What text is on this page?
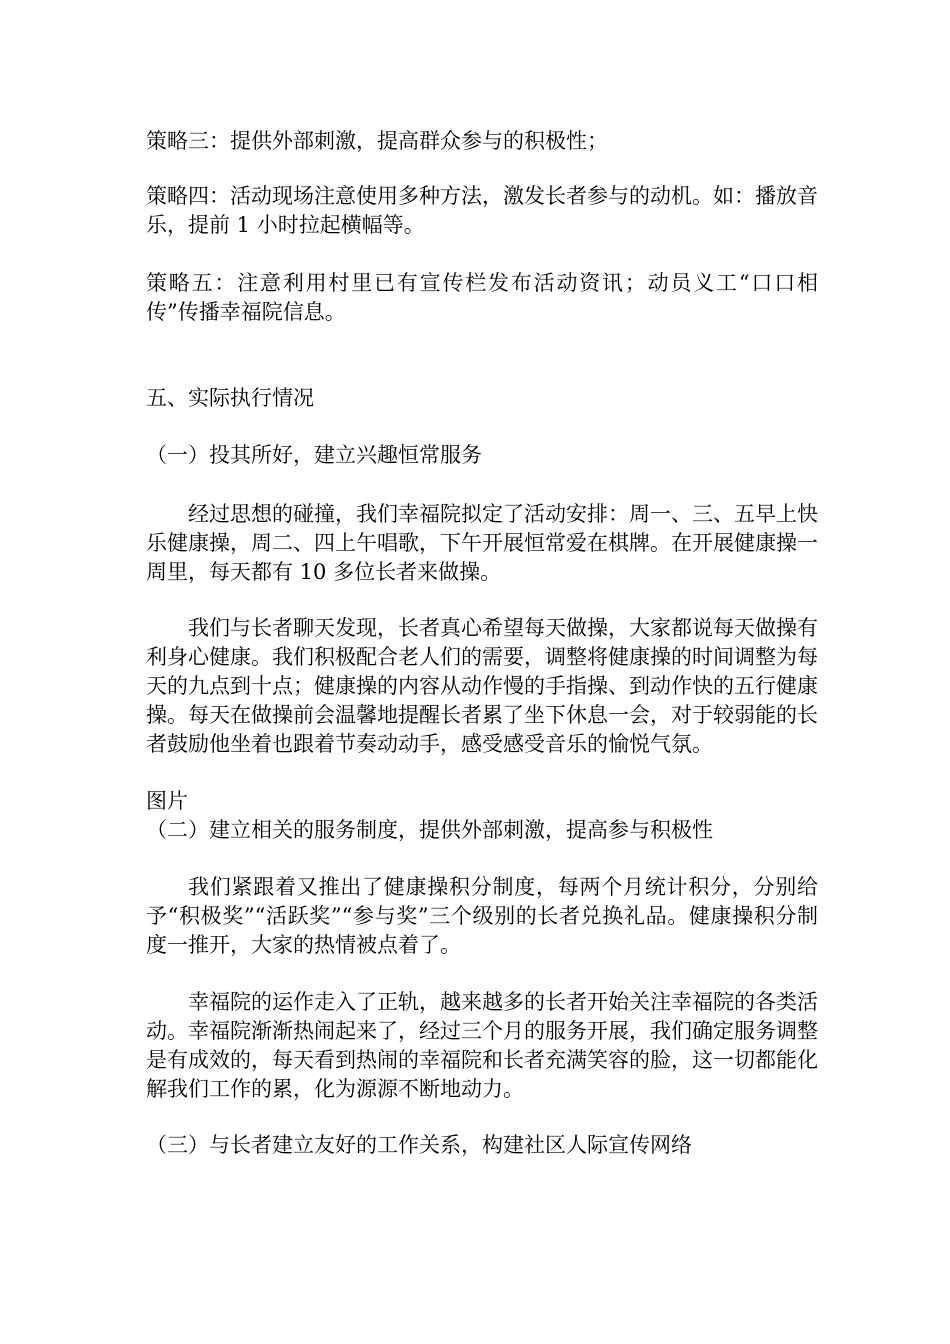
策略三：提供外部刺激，提高群众参与的积极性；

策略四：活动现场注意使用多种方法，激发长者参与的动机。如：播放音乐，提前 1 小时拉起横幅等。

策略五：注意利用村里已有宣传栏发布活动资讯；动员义工“口口相传”传播幸福院信息。

五、实际执行情况

（一）投其所好，建立兴趣恒常服务

经过思想的碰撞，我们幸福院拟定了活动安排：周一、三、五早上快乐健康操，周二、四上午唱歌，下午开展恒常爱在棋牌。在开展健康操一周里，每天都有 10 多位长者来做操。

我们与长者聊天发现，长者真心希望每天做操，大家都说每天做操有利身心健康。我们积极配合老人们的需要，调整将健康操的时间调整为每天的九点到十点；健康操的内容从动作慢的手指操、到动作快的五行健康操。每天在做操前会温馨地提醒长者累了坐下休息一会，对于较弱能的长者鼓励他坐着也跟着节奏动动手，感受感受音乐的愉悦气氛。

图片

（二）建立相关的服务制度，提供外部刺激，提高参与积极性

我们紧跟着又推出了健康操积分制度，每两个月统计积分，分别给予“积极奖”“活跃奖”“参与奖”三个级别的长者兑换礼品。健康操积分制度一推开，大家的热情被点着了。

幸福院的运作走入了正轨，越来越多的长者开始关注幸福院的各类活动。幸福院渐渐热闹起来了，经过三个月的服务开展，我们确定服务调整是有成效的，每天看到热闹的幸福院和长者充满笑容的脸，这一切都能化解我们工作的累，化为源源不断地动力。

（三）与长者建立友好的工作关系，构建社区人际宣传网络
